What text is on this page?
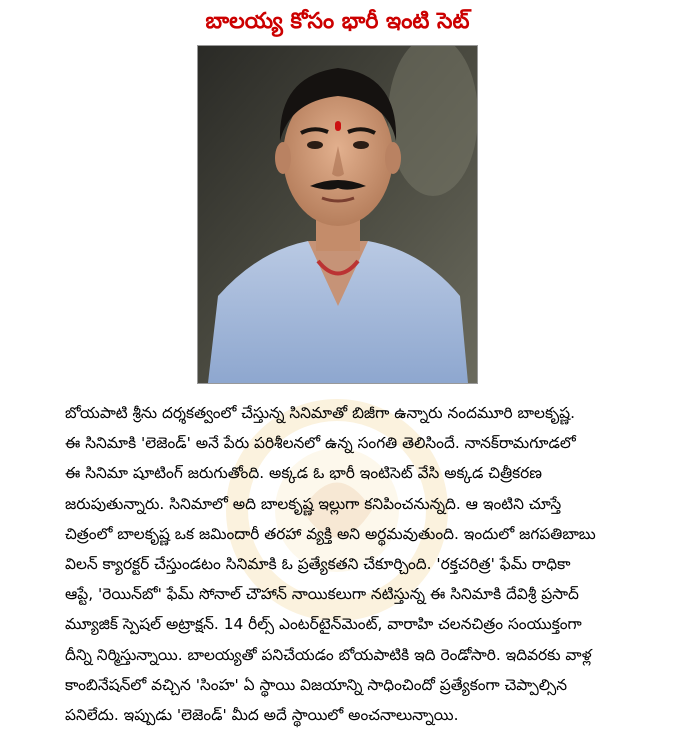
బాలయ్య కోసం భారీ ఇంటి సెట్
బోయపాటి శ్రీను దర్శకత్వంలో చేస్తున్న సినిమాతో బిజీగా ఉన్నారు నందమూరి బాలకృష్ణ.
ఈ సినిమాకి 'లెజెండ్' అనే పేరు పరిశీలనలో ఉన్న సంగతి తెలిసిందే. నానక్‌రామగూడలో
ఈ సినిమా షూటింగ్ జరుగుతోంది. అక్కడ ఓ భారీ ఇంటిసెట్ వేసి అక్కడ చిత్రీకరణ
జరుపుతున్నారు. సినిమాలో అది బాలకృష్ణ ఇల్లుగా కనిపించనున్నది. ఆ ఇంటిని చూస్తే
చిత్రంలో బాలకృష్ణ ఒక జమిందారీ తరహా వ్యక్తి అని అర్థమవుతుంది. ఇందులో జగపతిబాబు
విలన్ క్యారక్టర్ చేస్తుండటం సినిమాకి ఓ ప్రత్యేకతని చేకూర్చింది. 'రక్తచరిత్ర' ఫేమ్ రాధికా
ఆప్టే, 'రెయిన్‌బో' ఫేమ్ సోనాల్ చౌహాన్ నాయికలుగా నటిస్తున్న ఈ సినిమాకి దేవిశ్రీ ప్రసాద్
మ్యూజిక్ స్పెషల్ అట్రాక్షన్. 14 రీల్స్ ఎంటర్‌టైన్‌మెంట్, వారాహి చలనచిత్రం సంయుక్తంగా
దీన్ని నిర్మిస్తున్నాయి. బాలయ్యతో పనిచేయడం బోయపాటికి ఇది రెండోసారి. ఇదివరకు వాళ్ల
కాంబినేషన్‌లో వచ్చిన 'సింహ' ఏ స్థాయి విజయాన్ని సాధించిందో ప్రత్యేకంగా చెప్పాల్సిన
పనిలేదు. ఇప్పుడు 'లెజెండ్' మీద అదే స్థాయిలో అంచనాలున్నాయి.
